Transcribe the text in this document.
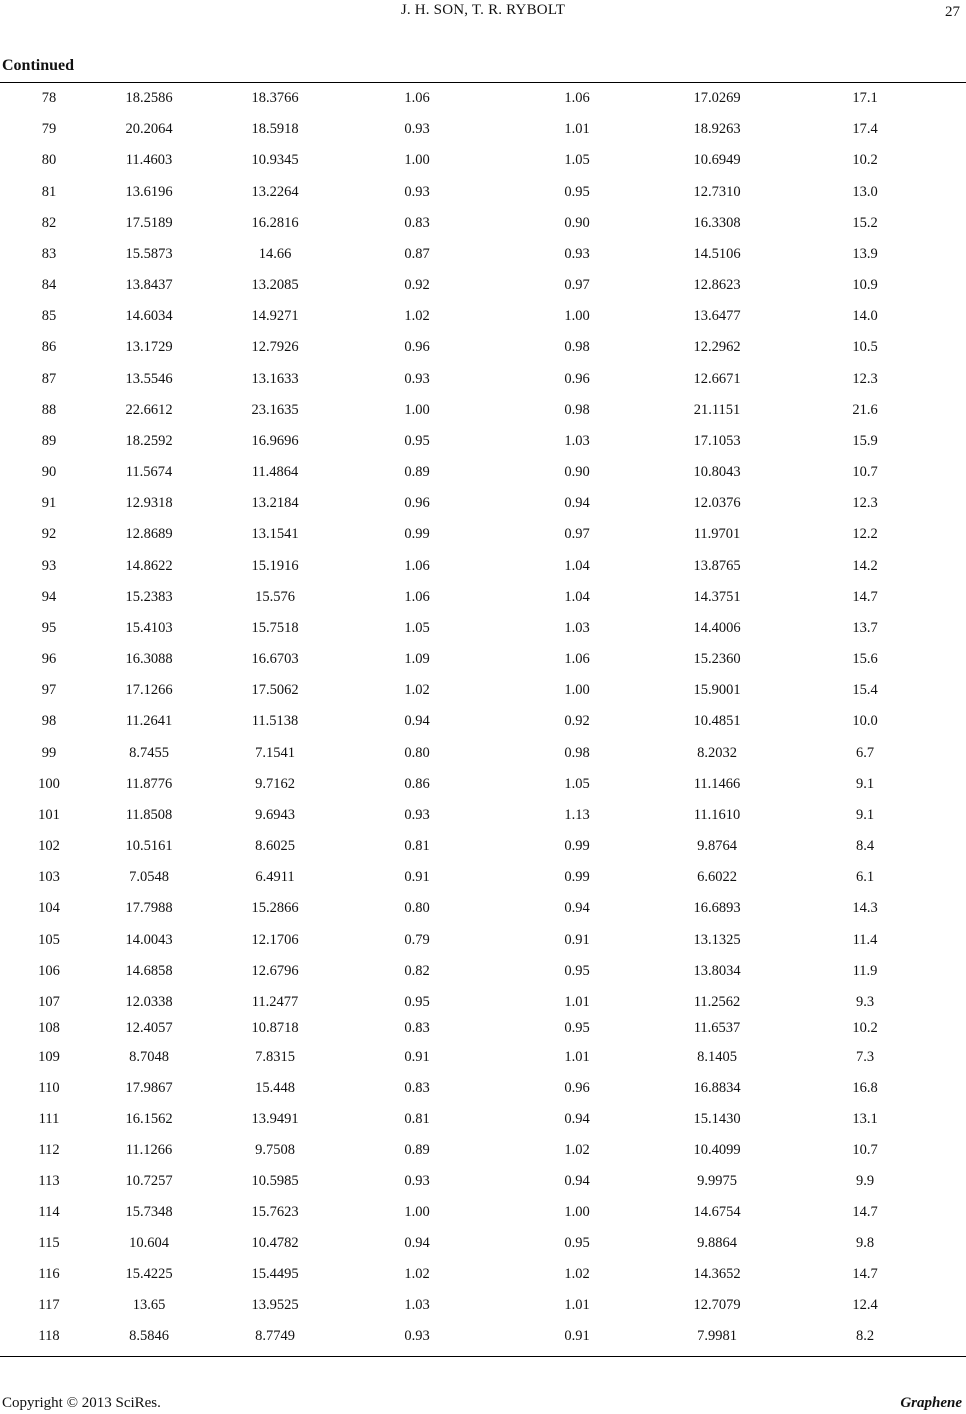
J. H. SON, T. R. RYBOLT	27
Continued
78	18.2586	18.3766	1.06	1.06	17.0269	17.1
79	20.2064	18.5918	0.93	1.01	18.9263	17.4
80	11.4603	10.9345	1.00	1.05	10.6949	10.2
81	13.6196	13.2264	0.93	0.95	12.7310	13.0
82	17.5189	16.2816	0.83	0.90	16.3308	15.2
83	15.5873	14.66	0.87	0.93	14.5106	13.9
84	13.8437	13.2085	0.92	0.97	12.8623	10.9
85	14.6034	14.9271	1.02	1.00	13.6477	14.0
86	13.1729	12.7926	0.96	0.98	12.2962	10.5
87	13.5546	13.1633	0.93	0.96	12.6671	12.3
88	22.6612	23.1635	1.00	0.98	21.1151	21.6
89	18.2592	16.9696	0.95	1.03	17.1053	15.9
90	11.5674	11.4864	0.89	0.90	10.8043	10.7
91	12.9318	13.2184	0.96	0.94	12.0376	12.3
92	12.8689	13.1541	0.99	0.97	11.9701	12.2
93	14.8622	15.1916	1.06	1.04	13.8765	14.2
94	15.2383	15.576	1.06	1.04	14.3751	14.7
95	15.4103	15.7518	1.05	1.03	14.4006	13.7
96	16.3088	16.6703	1.09	1.06	15.2360	15.6
97	17.1266	17.5062	1.02	1.00	15.9001	15.4
98	11.2641	11.5138	0.94	0.92	10.4851	10.0
99	8.7455	7.1541	0.80	0.98	8.2032	6.7
100	11.8776	9.7162	0.86	1.05	11.1466	9.1
101	11.8508	9.6943	0.93	1.13	11.1610	9.1
102	10.5161	8.6025	0.81	0.99	9.8764	8.4
103	7.0548	6.4911	0.91	0.99	6.6022	6.1
104	17.7988	15.2866	0.80	0.94	16.6893	14.3
105	14.0043	12.1706	0.79	0.91	13.1325	11.4
106	14.6858	12.6796	0.82	0.95	13.8034	11.9
107	12.0338	11.2477	0.95	1.01	11.2562	9.3
108	12.4057	10.8718	0.83	0.95	11.6537	10.2
109	8.7048	7.8315	0.91	1.01	8.1405	7.3
110	17.9867	15.448	0.83	0.96	16.8834	16.8
111	16.1562	13.9491	0.81	0.94	15.1430	13.1
112	11.1266	9.7508	0.89	1.02	10.4099	10.7
113	10.7257	10.5985	0.93	0.94	9.9975	9.9
114	15.7348	15.7623	1.00	1.00	14.6754	14.7
115	10.604	10.4782	0.94	0.95	9.8864	9.8
116	15.4225	15.4495	1.02	1.02	14.3652	14.7
117	13.65	13.9525	1.03	1.01	12.7079	12.4
118	8.5846	8.7749	0.93	0.91	7.9981	8.2
Copyright © 2013 SciRes.	Graphene
